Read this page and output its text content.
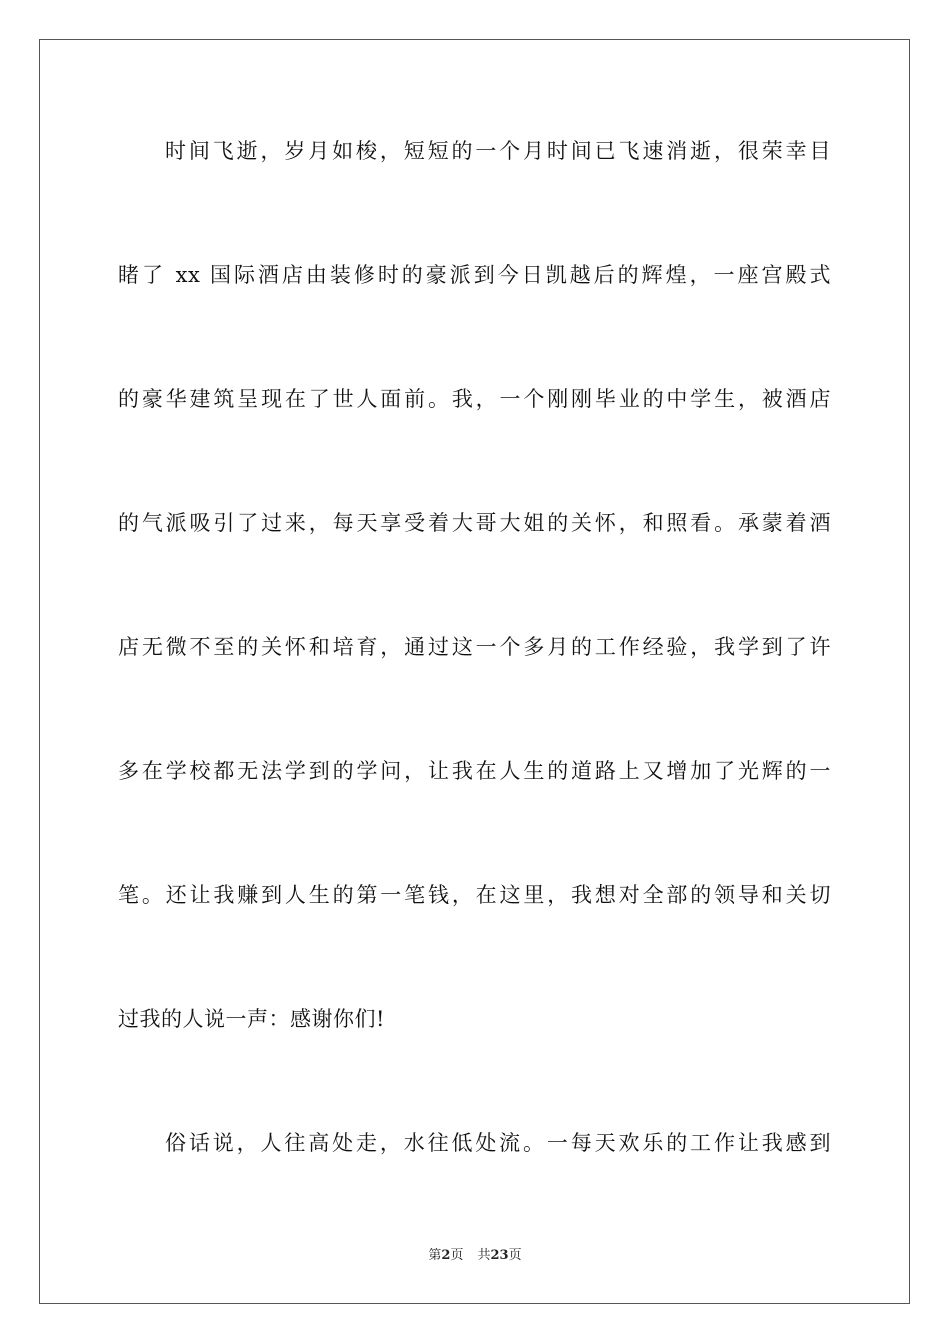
时间飞逝，岁月如梭，短短的一个月时间已飞速消逝，很荣幸目
睹了 xx 国际酒店由装修时的豪派到今日凯越后的辉煌，一座宫殿式
的豪华建筑呈现在了世人面前。我，一个刚刚毕业的中学生，被酒店
的气派吸引了过来，每天享受着大哥大姐的关怀，和照看。承蒙着酒
店无微不至的关怀和培育，通过这一个多月的工作经验，我学到了许
多在学校都无法学到的学问，让我在人生的道路上又增加了光辉的一
笔。还让我赚到人生的第一笔钱，在这里，我想对全部的领导和关切
过我的人说一声：感谢你们!
俗话说，人往高处走，水往低处流。一每天欢乐的工作让我感到
第2页 共23页
